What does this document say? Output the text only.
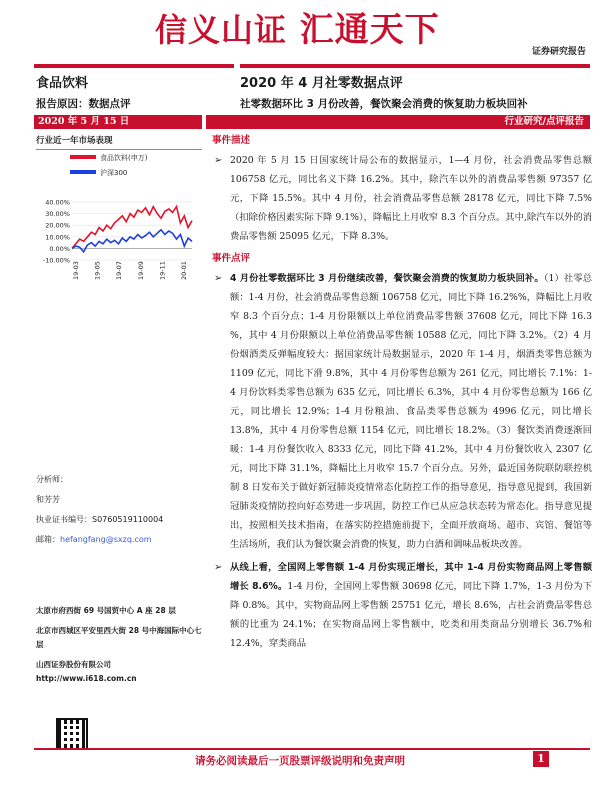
信义山证 汇通天下
证券研究报告
食品饮料	2020 年 4 月社零数据点评
报告原因：数据点评	社零数据环比 3 月份改善，餐饮聚会消费的恢复助力板块回补
2020 年 5 月 15 日	行业研究/点评报告
行业近一年市场表现
食品饮料(申万)
沪深300
40.00%
30.00%
20.00%
10.00%
0.00%
-10.00%
19-03 19-05 19-07 19-09 19-11 20-01
分析师：
和芳芳
执业证书编号：S0760519110004
邮箱：hefangfang@sxzq.com
太原市府西街 69 号国贸中心 A 座 28 层
北京市西城区平安里西大街 28 号中海国际中心七层
山西证券股份有限公司
http://www.i618.com.cn
事件描述
➢ 2020 年 5 月 15 日国家统计局公布的数据显示，1—4 月份，社会消费品零售总额 106758 亿元，同比名义下降 16.2%。其中，除汽车以外的消费品零售额 97357 亿元，下降 15.5%。其中 4 月份，社会消费品零售总额 28178 亿元，同比下降 7.5%（扣除价格因素实际下降 9.1%），降幅比上月收窄 8.3 个百分点。其中,除汽车以外的消费品零售额 25095 亿元，下降 8.3%。
事件点评
➢ 4 月份社零数据环比 3 月份继续改善，餐饮聚会消费的恢复助力板块回补。（1）社零总额：1-4 月份，社会消费品零售总额 106758 亿元，同比下降 16.2%%，降幅比上月收窄 8.3 个百分点；1-4 月份限额以上单位消费品零售额 37608 亿元，同比下降 16.3 %，其中 4 月份限额以上单位消费品零售额 10588 亿元，同比下降 3.2%。（2）4 月份烟酒类反弹幅度较大：据国家统计局数据显示，2020 年 1-4 月，烟酒类零售总额为 1109 亿元，同比下滑 9.8%，其中 4 月份零售总额为 261 亿元，同比增长 7.1%：1-4 月份饮料类零售总额为 635 亿元，同比增长 6.3%，其中 4 月份零售总额为 166 亿元，同比增长 12.9%；1-4 月份粮油、食品类零售总额为 4996 亿元，同比增长 13.8%，其中 4 月份零售总额 1154 亿元，同比增长 18.2%。（3）餐饮类消费逐渐回暖：1-4 月份餐饮收入 8333 亿元，同比下降 41.2%，其中 4 月份餐饮收入 2307 亿元，同比下降 31.1%，降幅比上月收窄 15.7 个百分点。另外，最近国务院联防联控机制 8 日发布关于做好新冠肺炎疫情常态化防控工作的指导意见，指导意见提到，我国新冠肺炎疫情防控向好态势进一步巩固，防控工作已从应急状态转为常态化。指导意见提出，按照相关技术指南，在落实防控措施前提下，全面开放商场、超市、宾馆、餐馆等生活场所，我们认为餐饮聚会消费的恢复，助力白酒和调味品板块改善。
➢ 从线上看，全国网上零售额 1-4 月份实现正增长，其中 1-4 月份实物商品网上零售额增长 8.6%。1-4 月份，全国网上零售额 30698 亿元，同比下降 1.7%，1-3 月份为下降 0.8%。其中，实物商品网上零售额 25751 亿元，增长 8.6%，占社会消费品零售总额的比重为 24.1%；在实物商品网上零售额中，吃类和用类商品分别增长 36.7%和 12.4%，穿类商品
请务必阅读最后一页股票评级说明和免责声明	1
